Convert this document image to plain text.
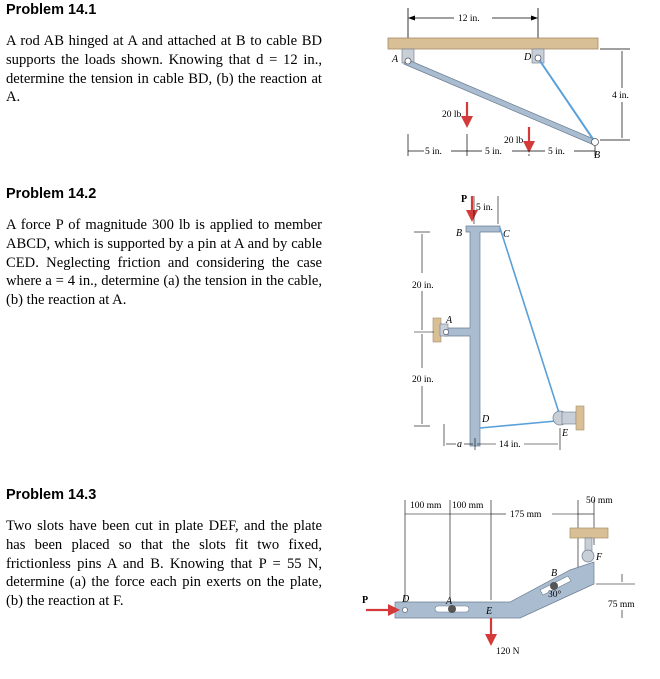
Problem 14.1

A rod AB hinged at A and attached at B to cable BD supports the loads shown. Knowing that d = 12 in., determine the tension in cable BD, (b) the reaction at A.

12 in.
A	D
B
20 lb
20 lb
4 in.
5 in.	5 in.	5 in.

Problem 14.2

A force P of magnitude 300 lb is applied to member ABCD, which is supported by a pin at A and by cable CED. Neglecting friction and considering the case where a = 4 in., determine (a) the tension in the cable, (b) the reaction at A.

P
5 in.
B	C
A
D
E
20 in.
20 in.
a	14 in.

Problem 14.3

Two slots have been cut in plate DEF, and the plate has been placed so that the slots fit two fixed, frictionless pins A and B. Knowing that P = 55 N, determine (a) the force each pin exerts on the plate, (b) the reaction at F.

100 mm 100 mm
175 mm
50 mm
F
A
B
30°
D
E
P
120 N
75 mm
